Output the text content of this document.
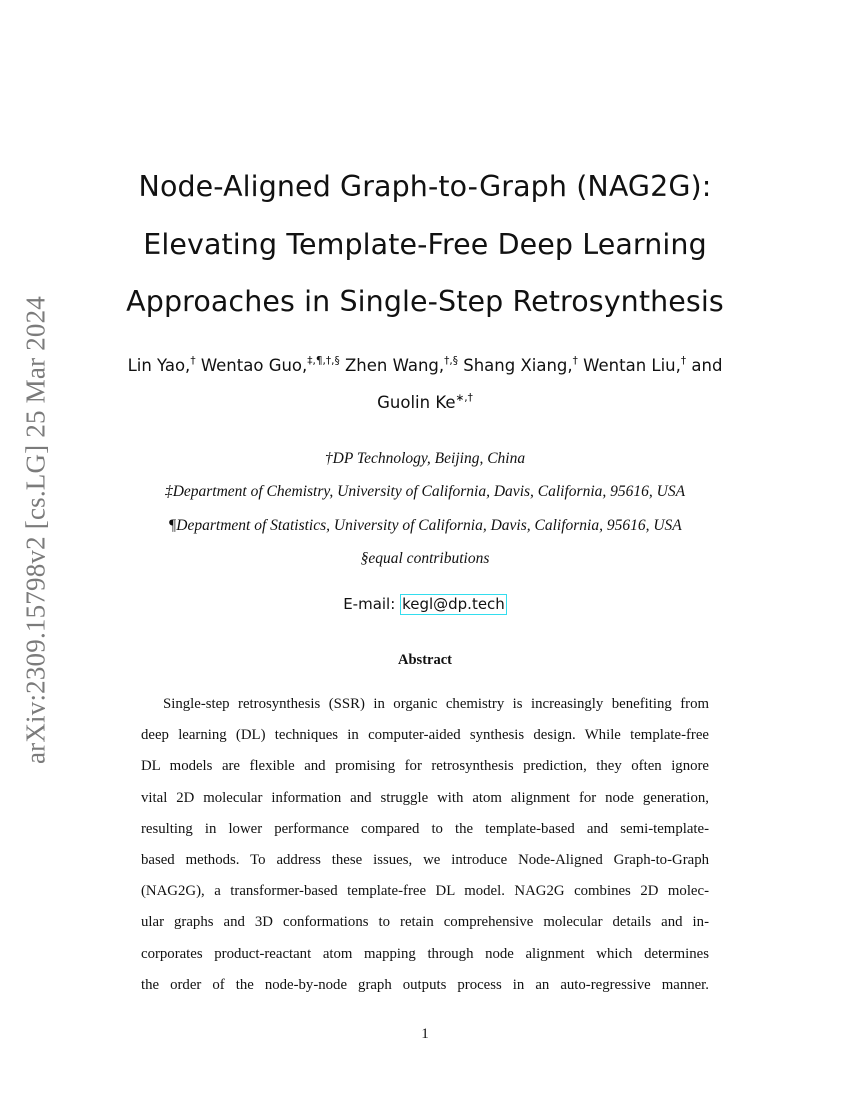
arXiv:2309.15798v2 [cs.LG] 25 Mar 2024
Node-Aligned Graph-to-Graph (NAG2G):
Elevating Template-Free Deep Learning
Approaches in Single-Step Retrosynthesis
Lin Yao,† Wentao Guo,‡,¶,†,§ Zhen Wang,†,§ Shang Xiang,† Wentan Liu,† and
Guolin Ke∗,†
†DP Technology, Beijing, China
‡Department of Chemistry, University of California, Davis, California, 95616, USA
¶Department of Statistics, University of California, Davis, California, 95616, USA
§equal contributions
E-mail: kegl@dp.tech
Abstract
Single-step retrosynthesis (SSR) in organic chemistry is increasingly benefiting from
deep learning (DL) techniques in computer-aided synthesis design. While template-free
DL models are flexible and promising for retrosynthesis prediction, they often ignore
vital 2D molecular information and struggle with atom alignment for node generation,
resulting in lower performance compared to the template-based and semi-template-
based methods. To address these issues, we introduce Node-Aligned Graph-to-Graph
(NAG2G), a transformer-based template-free DL model. NAG2G combines 2D molec-
ular graphs and 3D conformations to retain comprehensive molecular details and in-
corporates product-reactant atom mapping through node alignment which determines
the order of the node-by-node graph outputs process in an auto-regressive manner.
1
